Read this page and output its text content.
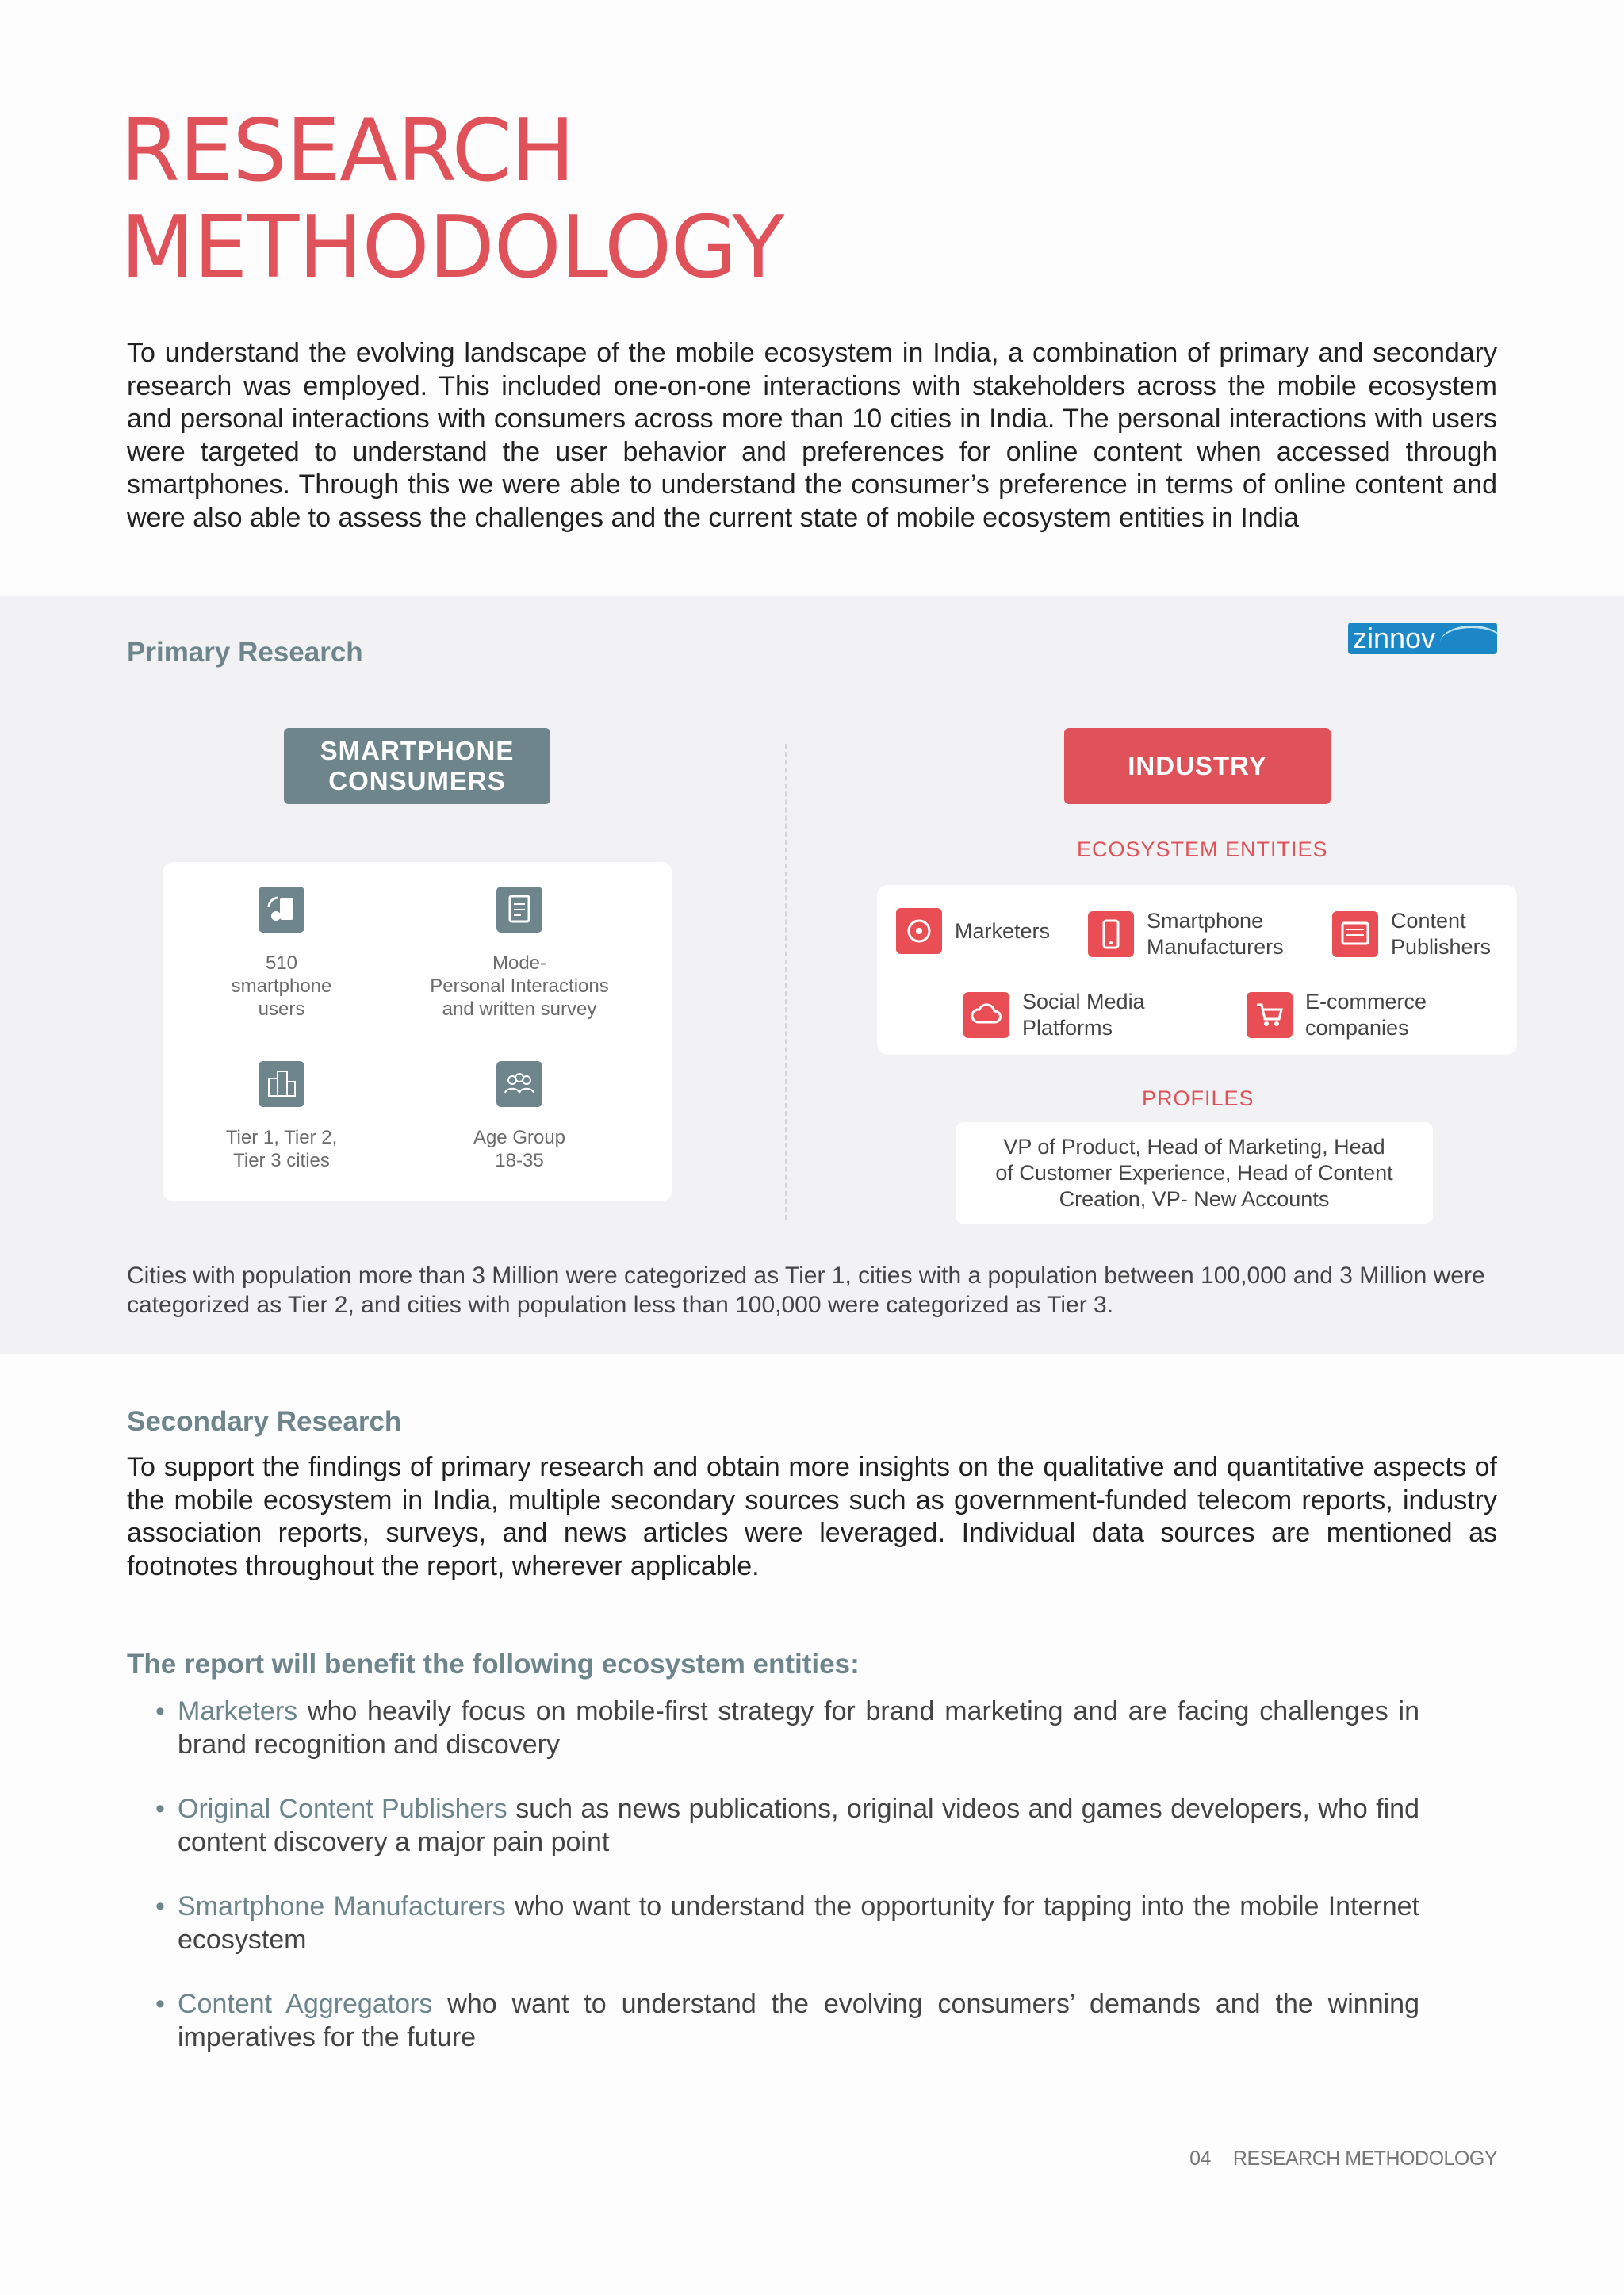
RESEARCH
METHODOLOGY
To understand the evolving landscape of the mobile ecosystem in India, a combination of primary and secondary research was employed. This included one-on-one interactions with stakeholders across the mobile ecosystem and personal interactions with consumers across more than 10 cities in India. The personal interactions with users were targeted to understand the user behavior and preferences for online content when accessed through smartphones. Through this we were able to understand the consumer’s preference in terms of online content and were also able to assess the challenges and the current state of mobile ecosystem entities in India
Primary Research	zinnov
SMARTPHONE
CONSUMERS
510
smartphone
users
Mode-
Personal Interactions
and written survey
Tier 1, Tier 2,
Tier 3 cities
Age Group
18-35
INDUSTRY
ECOSYSTEM ENTITIES
Marketers	Smartphone
Manufacturers
Content
Publishers
Social Media
Platforms
E-commerce
companies
PROFILES
VP of Product, Head of Marketing, Head
of Customer Experience, Head of Content
Creation, VP- New Accounts
Cities with population more than 3 Million were categorized as Tier 1, cities with a population between 100,000 and 3 Million were categorized as Tier 2, and cities with population less than 100,000 were categorized as Tier 3.
Secondary Research
To support the findings of primary research and obtain more insights on the qualitative and quantitative aspects of the mobile ecosystem in India, multiple secondary sources such as government-funded telecom reports, industry association reports, surveys, and news articles were leveraged. Individual data sources are mentioned as footnotes throughout the report, wherever applicable.
The report will benefit the following ecosystem entities:
• Marketers who heavily focus on mobile-first strategy for brand marketing and are facing challenges in brand recognition and discovery
• Original Content Publishers such as news publications, original videos and games developers, who find content discovery a major pain point
• Smartphone Manufacturers who want to understand the opportunity for tapping into the mobile Internet ecosystem
• Content Aggregators who want to understand the evolving consumers’ demands and the winning imperatives for the future
04 RESEARCH METHODOLOGY
